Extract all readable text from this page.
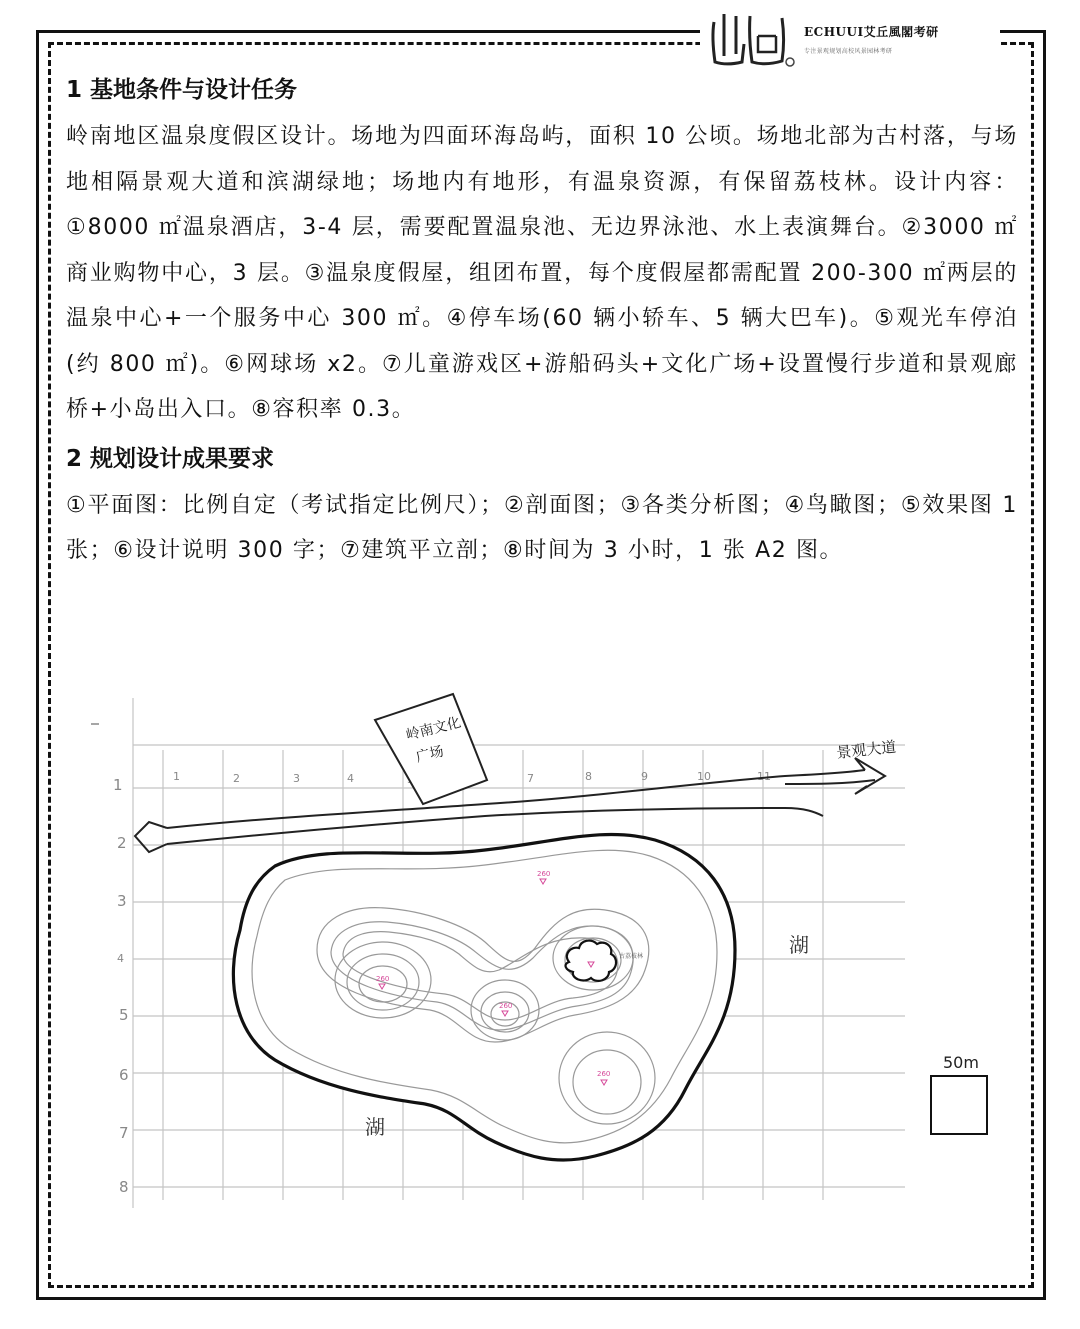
ECHUUI艾丘風閣考研
专注景观规划高校风景园林考研
1 基地条件与设计任务

岭南地区温泉度假区设计。场地为四面环海岛屿，面积 10 公顷。场地北部为古村落，与场地相隔景观大道和滨湖绿地；场地内有地形，有温泉资源，有保留荔枝林。设计内容：①8000 ㎡温泉酒店，3-4 层，需要配置温泉池、无边界泳池、水上表演舞台。②3000 ㎡商业购物中心，3 层。③温泉度假屋，组团布置，每个度假屋都需配置 200-300 ㎡两层的温泉中心+一个服务中心 300 ㎡。④停车场(60 辆小轿车、5 辆大巴车)。⑤观光车停泊(约 800 ㎡)。⑥网球场 x2。⑦儿童游戏区+游船码头+文化广场+设置慢行步道和景观廊桥+小岛出入口。⑧容积率 0.3。

2 规划设计成果要求

①平面图：比例自定（考试指定比例尺）；②剖面图；③各类分析图；④鸟瞰图；⑤效果图 1 张；⑥设计说明 300 字；⑦建筑平立剖；⑧时间为 3 小时，1 张 A2 图。

1	2	3	4	7	8	9	10	11
1
2
3
4
5
6
7
8
岭南文化
广场	景观大道
古荔枝林
260
260
260
260
湖
湖
50m
